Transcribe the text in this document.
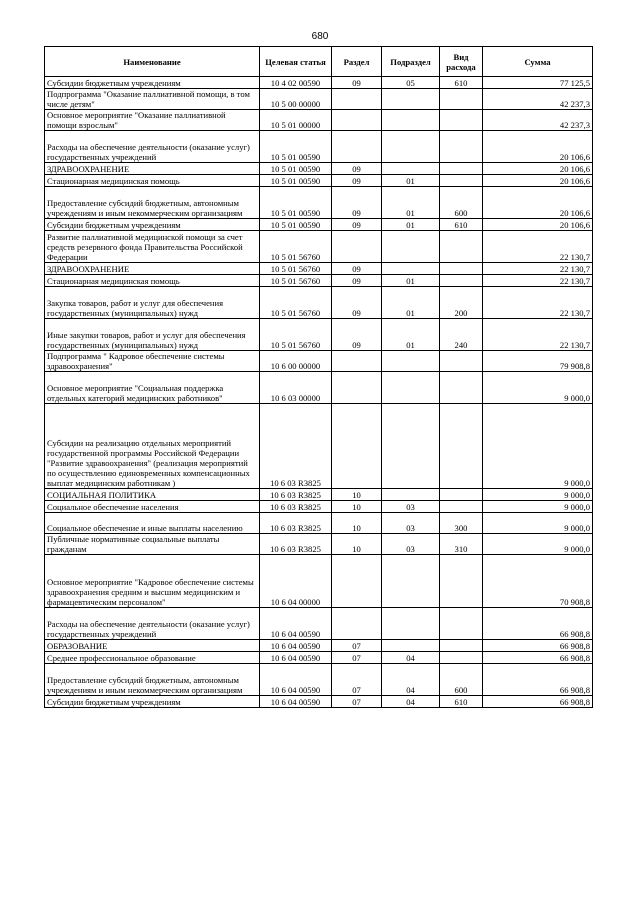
680
Наименование	Целевая статья	Раздел	Подраздел	Вид расхода	Сумма
Субсидии бюджетным учреждениям	10 4 02 00590	09	05	610	77 125,5
Подпрограмма "Оказание паллиативной помощи, в том числе детям"	10 5 00 00000				42 237,3
Основное мероприятие "Оказание паллиативной помощи взрослым"	10 5 01 00000				42 237,3
Расходы на обеспечение деятельности (оказание услуг) государственных учреждений	10 5 01 00590				20 106,6
ЗДРАВООХРАНЕНИЕ	10 5 01 00590	09			20 106,6
Стационарная медицинская помощь	10 5 01 00590	09	01		20 106,6
Предоставление субсидий бюджетным, автономным учреждениям и иным некоммерческим организациям	10 5 01 00590	09	01	600	20 106,6
Субсидии бюджетным учреждениям	10 5 01 00590	09	01	610	20 106,6
Развитие паллиативной медицинской помощи за счет средств резервного фонда Правительства Российской Федерации	10 5 01 56760				22 130,7
ЗДРАВООХРАНЕНИЕ	10 5 01 56760	09			22 130,7
Стационарная медицинская помощь	10 5 01 56760	09	01		22 130,7
Закупка товаров, работ и услуг для обеспечения государственных (муниципальных) нужд	10 5 01 56760	09	01	200	22 130,7
Иные закупки товаров, работ и услуг для обеспечения государственных (муниципальных) нужд	10 5 01 56760	09	01	240	22 130,7
Подпрограмма " Кадровое обеспечение системы здравоохранения"	10 6 00 00000				79 908,8
Основное мероприятие "Социальная поддержка отдельных категорий медицинских работников"	10 6 03 00000				9 000,0
Субсидии на реализацию отдельных мероприятий государственной программы Российской Федерации "Развитие здравоохранения" (реализация мероприятий по осуществлению единовременных компенсационных выплат медицинским работникам )	10 6 03 R3825				9 000,0
СОЦИАЛЬНАЯ ПОЛИТИКА	10 6 03 R3825	10			9 000,0
Социальное обеспечение населения	10 6 03 R3825	10	03		9 000,0
Социальное обеспечение и иные выплаты населению	10 6 03 R3825	10	03	300	9 000,0
Публичные нормативные социальные выплаты гражданам	10 6 03 R3825	10	03	310	9 000,0
Основное мероприятие "Кадровое обеспечение системы здравоохранения средним и высшим медицинским и фармацевтическим персоналом"	10 6 04 00000				70 908,8
Расходы на обеспечение деятельности (оказание услуг) государственных учреждений	10 6 04 00590				66 908,8
ОБРАЗОВАНИЕ	10 6 04 00590	07			66 908,8
Среднее профессиональное образование	10 6 04 00590	07	04		66 908,8
Предоставление субсидий бюджетным, автономным учреждениям и иным некоммерческим организациям	10 6 04 00590	07	04	600	66 908,8
Субсидии бюджетным учреждениям	10 6 04 00590	07	04	610	66 908,8
